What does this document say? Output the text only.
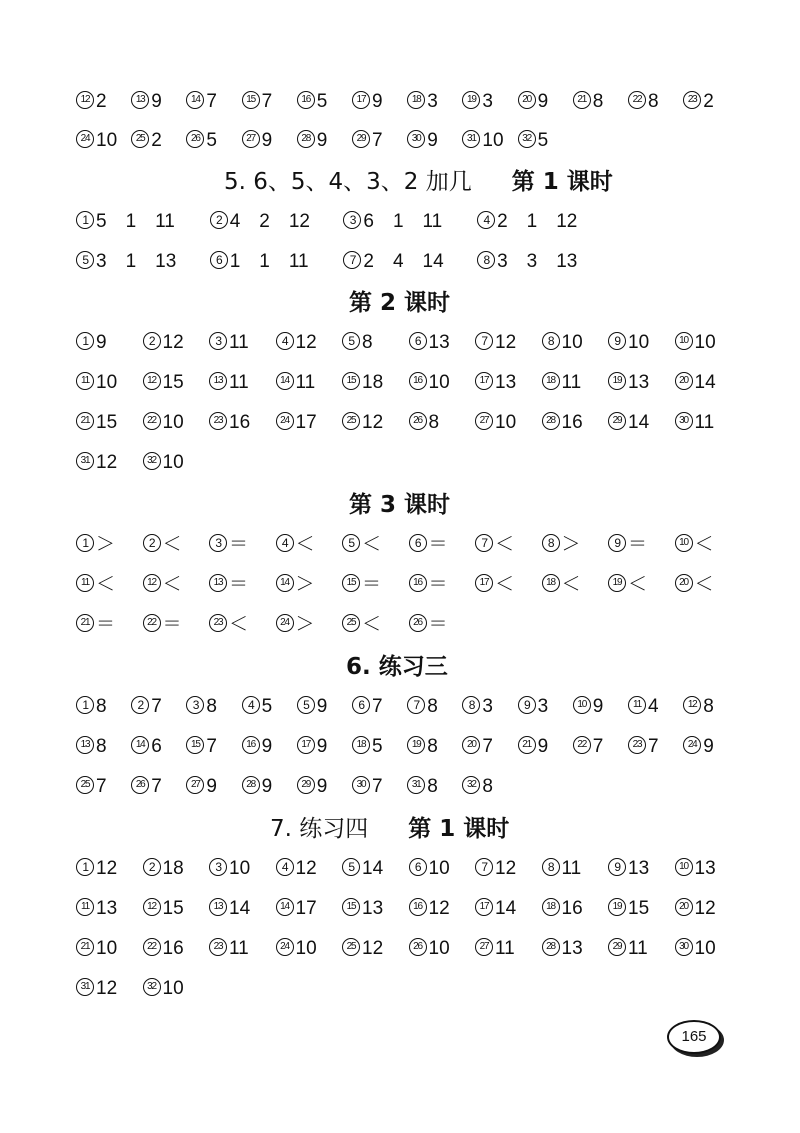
12 2	13 9	14 7	15 7	16 5	17 9	18 3	19 3	20 9	21 8	22 8	23 2
24 10	25 2	26 5	27 9	28 9	29 7	30 9	31 10	32 5
5. 6、5、4、3、2 加几 第 1 课时
1 5　1　11	2 4　2　12	3 6　1　11	4 2　1　12
5 3　1　13	6 1　1　11	7 2　4　14	8 3　3　13
第 2 课时
1 9	2 12	3 11	4 12	5 8	6 13	7 12	8 10	9 10	10 10
11 10	12 15	13 11	14 11	15 18	16 10	17 13	18 11	19 13	20 14
21 15	22 10	23 16	24 17	25 12	26 8	27 10	28 16	29 14	30 11
31 12	32 10
第 3 课时
1 ＞	2 ＜	3 ＝	4 ＜	5 ＜	6 ＝	7 ＜	8 ＞	9 ＝	10 ＜
11 ＜	12 ＜	13 ＝	14 ＞	15 ＝	16 ＝	17 ＜	18 ＜	19 ＜	20 ＜
21 ＝	22 ＝	23 ＜	24 ＞	25 ＜	26 ＝
6. 练习三
1 8	2 7	3 8	4 5	5 9	6 7	7 8	8 3	9 3	10 9	11 4	12 8
13 8	14 6	15 7	16 9	17 9	18 5	19 8	20 7	21 9	22 7	23 7	24 9
25 7	26 7	27 9	28 9	29 9	30 7	31 8	32 8
7. 练习四 第 1 课时
1 12	2 18	3 10	4 12	5 14	6 10	7 12	8 11	9 13	10 13
11 13	12 15	13 14	14 17	15 13	16 12	17 14	18 16	19 15	20 12
21 10	22 16	23 11	24 10	25 12	26 10	27 11	28 13	29 11	30 10
31 12	32 10
165
